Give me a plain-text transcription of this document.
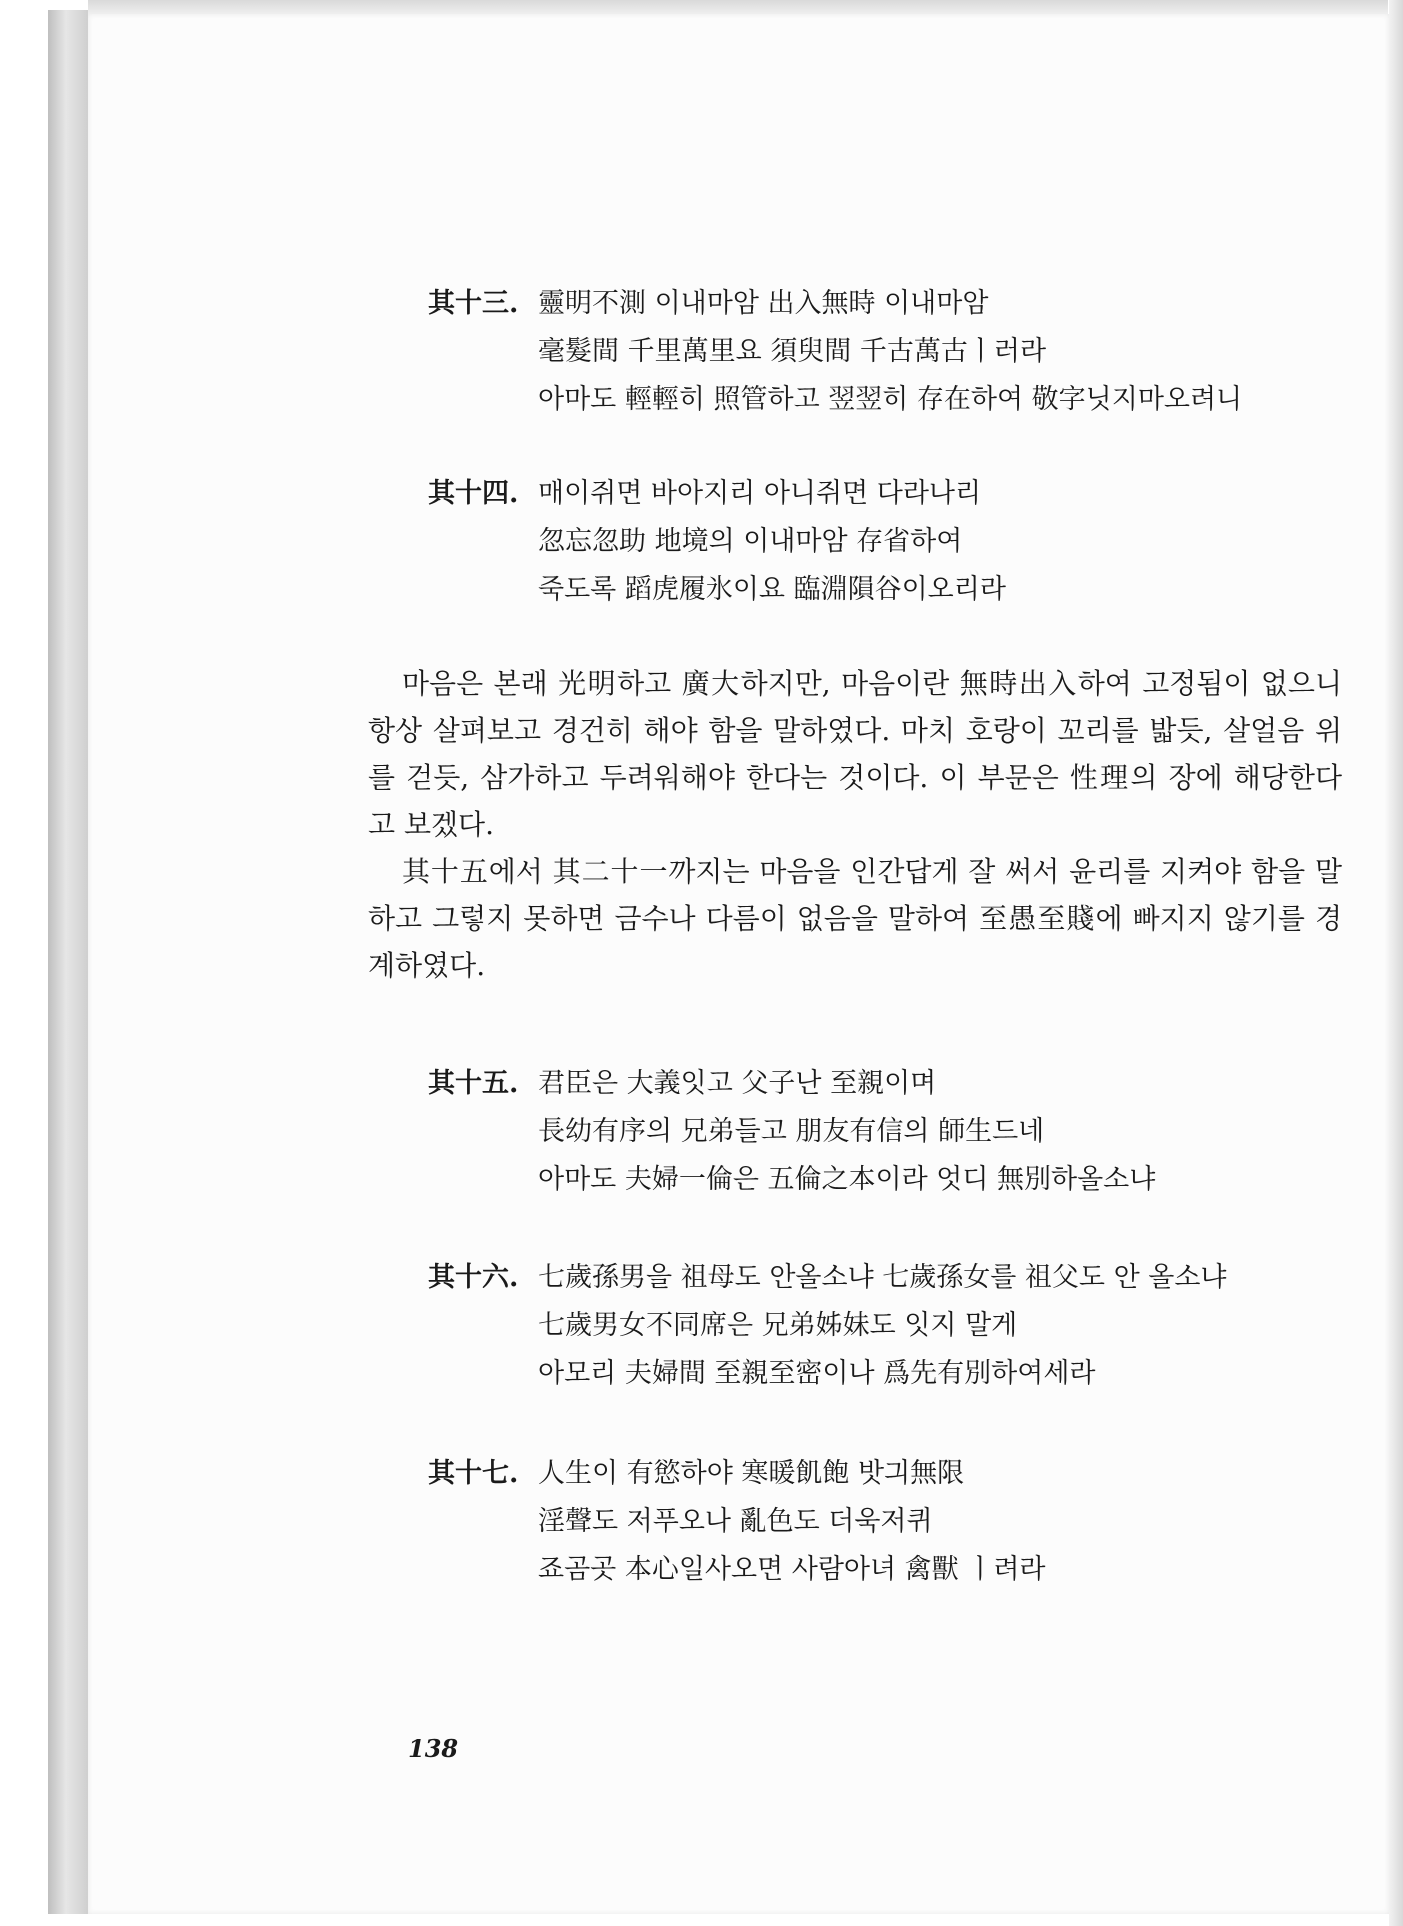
其十三. 靈明不測 이내마암 出入無時 이내마암
毫髮間 千里萬里요 須臾間 千古萬古ㅣ러라
아마도 輕輕히 照管하고 翌翌히 存在하여 敬字닛지마오려니
其十四. 매이쥐면 바아지리 아니쥐면 다라나리
忽忘忽助 地境의 이내마암 存省하여
죽도록 蹈虎履氷이요 臨淵隕谷이오리라

마음은 본래 光明하고 廣大하지만, 마음이란 無時出入하여 고정됨이 없으니 항상 살펴보고 경건히 해야 함을 말하였다. 마치 호랑이 꼬리를 밟듯, 살얼음 위를 걷듯, 삼가하고 두려워해야 한다는 것이다. 이 부문은 性理의 장에 해당한다고 보겠다.

其十五에서 其二十一까지는 마음을 인간답게 잘 써서 윤리를 지켜야 함을 말하고 그렇지 못하면 금수나 다름이 없음을 말하여 至愚至賤에 빠지지 않기를 경계하였다.

其十五. 君臣은 大義잇고 父子난 至親이며
長幼有序의 兄弟들고 朋友有信의 師生드네
아마도 夫婦一倫은 五倫之本이라 엇디 無別하올소냐
其十六. 七歲孫男을 祖母도 안올소냐 七歲孫女를 祖父도 안 올소냐
七歲男女不同席은 兄弟姊妹도 잇지 말게
아모리 夫婦間 至親至密이나 爲先有別하여세라
其十七. 人生이 有慾하야 寒暖飢飽 밧긔無限
淫聲도 저푸오나 亂色도 더욱저퀴
죠곰곳 本心일사오면 사람아녀 禽獸 ㅣ려라
138
